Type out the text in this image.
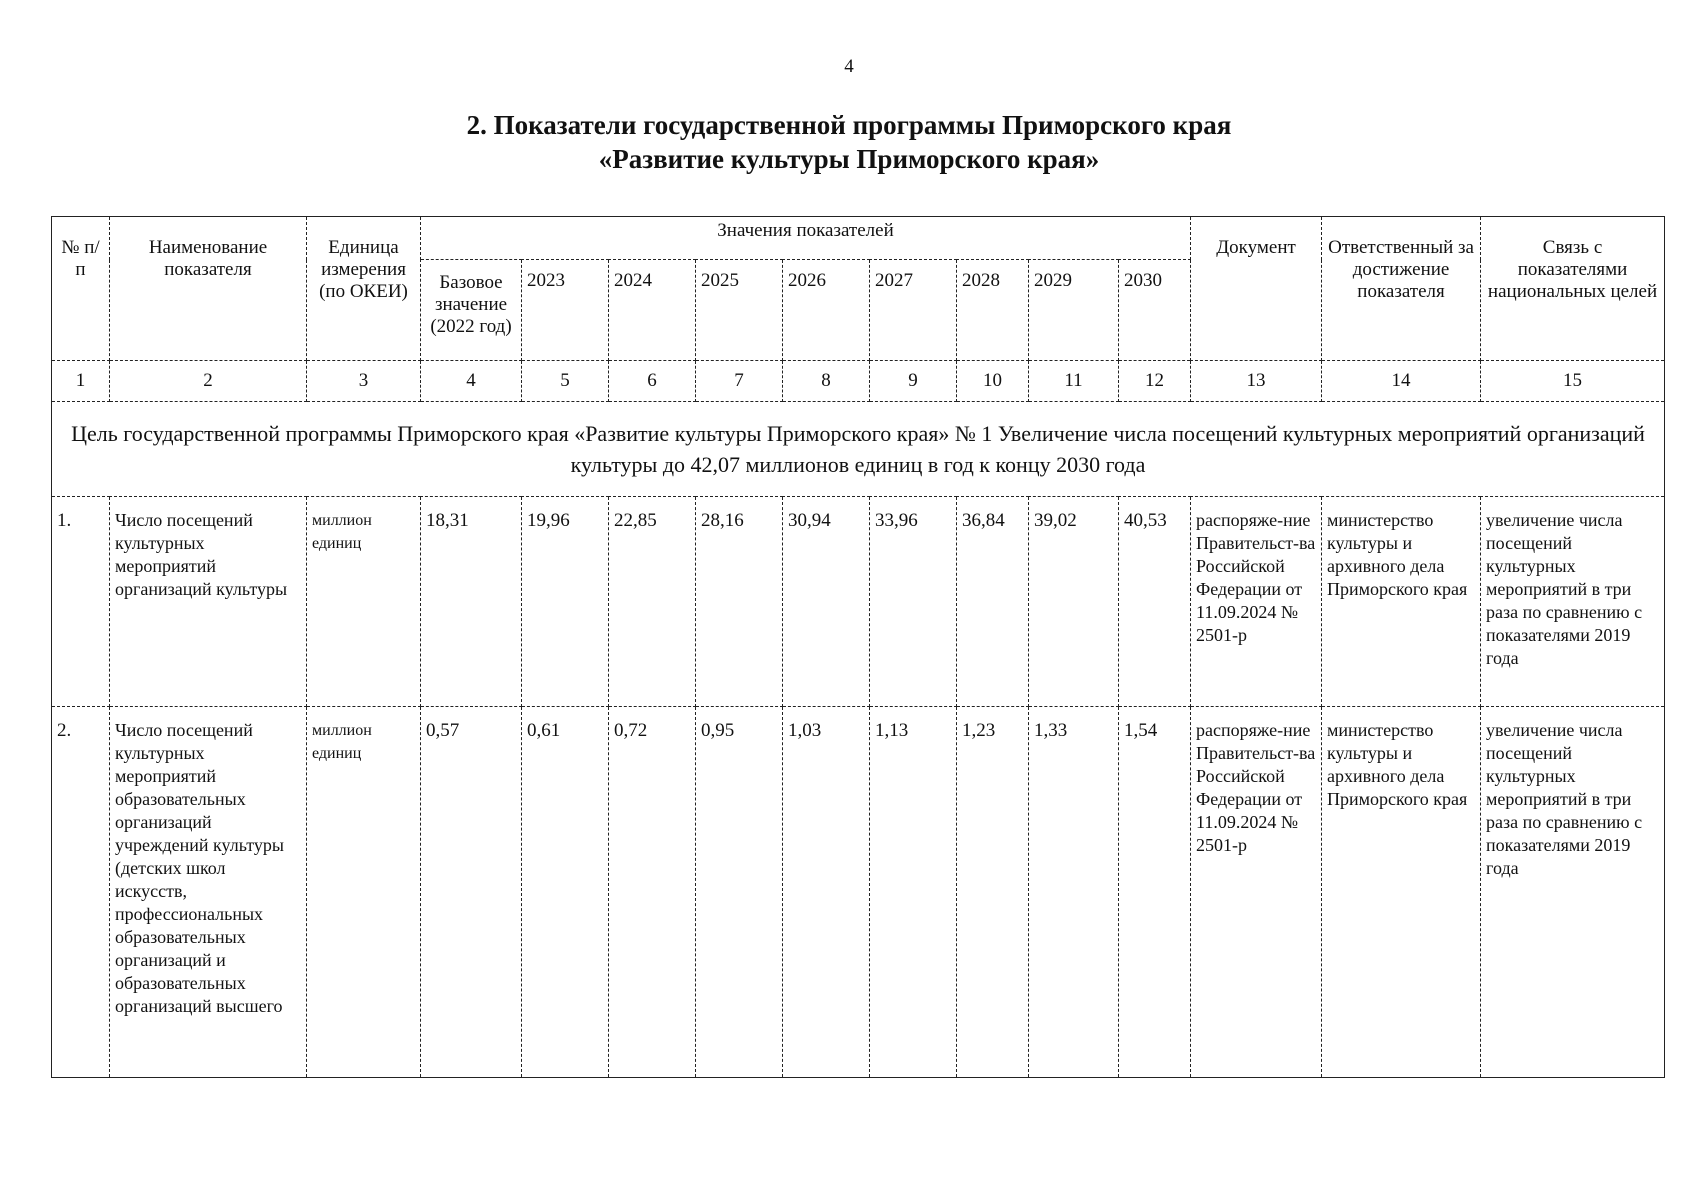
4
2. Показатели государственной программы Приморского края
«Развитие культуры Приморского края»
№ п/п	Наименование показателя	Единица измерения (по ОКЕИ)	Значения показателей									Документ	Ответственный за достижение показателя	Связь с показателями национальных целей
			Базовое значение (2022 год)	2023	2024	2025	2026	2027	2028	2029	2030			
1	2	3	4	5	6	7	8	9	10	11	12	13	14	15
Цель государственной программы Приморского края «Развитие культуры Приморского края» № 1 Увеличение числа посещений культурных мероприятий организаций культуры до 42,07 миллионов единиц в год к концу 2030 года														
1.	Число посещений культурных мероприятий организаций культуры	миллион единиц	18,31	19,96	22,85	28,16	30,94	33,96	36,84	39,02	40,53	распоряже-ние Правительст-ва Российской Федерации от 11.09.2024 № 2501-р	министерство культуры и архивного дела Приморского края	увеличение числа посещений культурных мероприятий в три раза по сравнению с показателями 2019 года
2.	Число посещений культурных мероприятий образовательных организаций учреждений культуры (детских школ искусств, профессиональных образовательных организаций и образовательных организаций высшего	миллион единиц	0,57	0,61	0,72	0,95	1,03	1,13	1,23	1,33	1,54	распоряже-ние Правительст-ва Российской Федерации от 11.09.2024 № 2501-р	министерство культуры и архивного дела Приморского края	увеличение числа посещений культурных мероприятий в три раза по сравнению с показателями 2019 года
